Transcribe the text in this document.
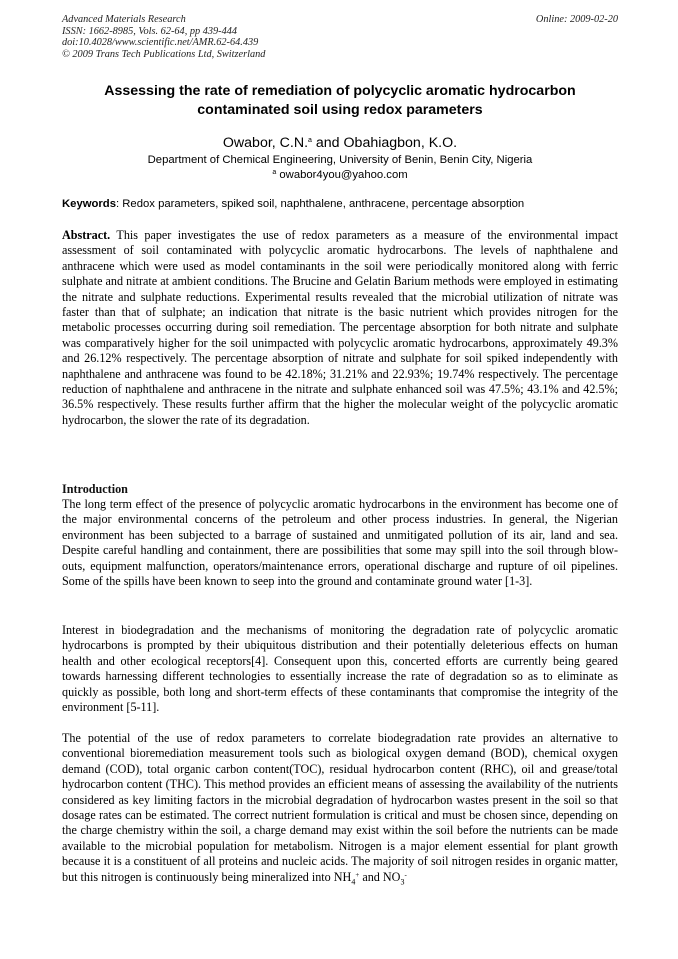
Advanced Materials Research
ISSN: 1662-8985, Vols. 62-64, pp 439-444
doi:10.4028/www.scientific.net/AMR.62-64.439
© 2009 Trans Tech Publications Ltd, Switzerland
Online: 2009-02-20
Assessing the rate of remediation of polycyclic aromatic hydrocarbon contaminated soil using redox parameters
Owabor, C.N.$^a$ and Obahiagbon, K.O.
Department of Chemical Engineering, University of Benin, Benin City, Nigeria
$^a$ owabor4you@yahoo.com
Keywords: Redox parameters, spiked soil, naphthalene, anthracene, percentage absorption
Abstract. This paper investigates the use of redox parameters as a measure of the environmental impact assessment of soil contaminated with polycyclic aromatic hydrocarbons. The levels of naphthalene and anthracene which were used as model contaminants in the soil were periodically monitored along with ferric sulphate and nitrate at ambient conditions. The Brucine and Gelatin Barium methods were employed in estimating the nitrate and sulphate reductions. Experimental results revealed that the microbial utilization of nitrate was faster than that of sulphate; an indication that nitrate is the basic nutrient which provides nitrogen for the metabolic processes occurring during soil remediation. The percentage absorption for both nitrate and sulphate was comparatively higher for the soil unimpacted with polycyclic aromatic hydrocarbons, approximately 49.3% and 26.12% respectively. The percentage absorption of nitrate and sulphate for soil spiked independently with naphthalene and anthracene was found to be 42.18%; 31.21% and 22.93%; 19.74% respectively. The percentage reduction of naphthalene and anthracene in the nitrate and sulphate enhanced soil was 47.5%; 43.1% and 42.5%; 36.5% respectively. These results further affirm that the higher the molecular weight of the polycyclic aromatic hydrocarbon, the slower the rate of its degradation.
Introduction
The long term effect of the presence of polycyclic aromatic hydrocarbons in the environment has become one of the major environmental concerns of the petroleum and other process industries. In general, the Nigerian environment has been subjected to a barrage of sustained and unmitigated pollution of its air, land and sea. Despite careful handling and containment, there are possibilities that some may spill into the soil through blow-outs, equipment malfunction, operators/maintenance errors, operational discharge and rupture of oil pipelines. Some of the spills have been known to seep into the ground and contaminate ground water [1-3].
Interest in biodegradation and the mechanisms of monitoring the degradation rate of polycyclic aromatic hydrocarbons is prompted by their ubiquitous distribution and their potentially deleterious effects on human health and other ecological receptors[4]. Consequent upon this, concerted efforts are currently being geared towards harnessing different technologies to essentially increase the rate of degradation so as to eliminate as quickly as possible, both long and short-term effects of these contaminants that compromise the integrity of the environment [5-11].
The potential of the use of redox parameters to correlate biodegradation rate provides an alternative to conventional bioremediation measurement tools such as biological oxygen demand (BOD), chemical oxygen demand (COD), total organic carbon content(TOC), residual hydrocarbon content (RHC), oil and grease/total hydrocarbon content (THC). This method provides an efficient means of assessing the availability of the nutrients considered as key limiting factors in the microbial degradation of hydrocarbon wastes present in the soil so that dosage rates can be estimated. The correct nutrient formulation is critical and must be chosen since, depending on the charge chemistry within the soil, a charge demand may exist within the soil before the nutrients can be made available to the microbial population for metabolism. Nitrogen is a major element essential for plant growth because it is a constituent of all proteins and nucleic acids. The majority of soil nitrogen resides in organic matter, but this nitrogen is continuously being mineralized into $NH_4^+$ and $NO_3^-$
